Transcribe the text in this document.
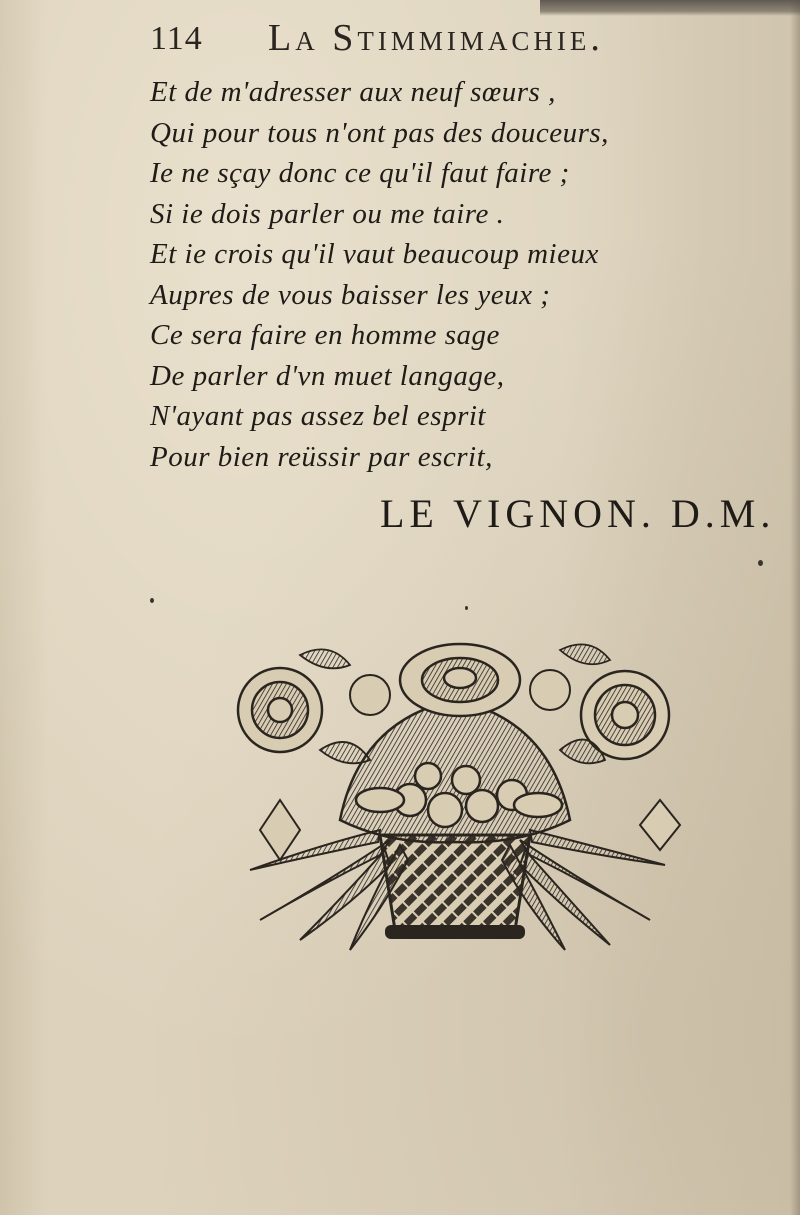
114 La Stimmimachie.
Et de m'adresser aux neuf sœurs ,
Qui pour tous n'ont pas des douceurs,
Ie ne sçay donc ce qu'il faut faire ;
Si ie dois parler ou me taire .
Et ie crois qu'il vaut beaucoup mieux
Aupres de vous baisser les yeux ;
Ce sera faire en homme sage
De parler d'vn muet langage,
N'ayant pas assez bel esprit
Pour bien reüssir par escrit,
LE VIGNON. D.M.
